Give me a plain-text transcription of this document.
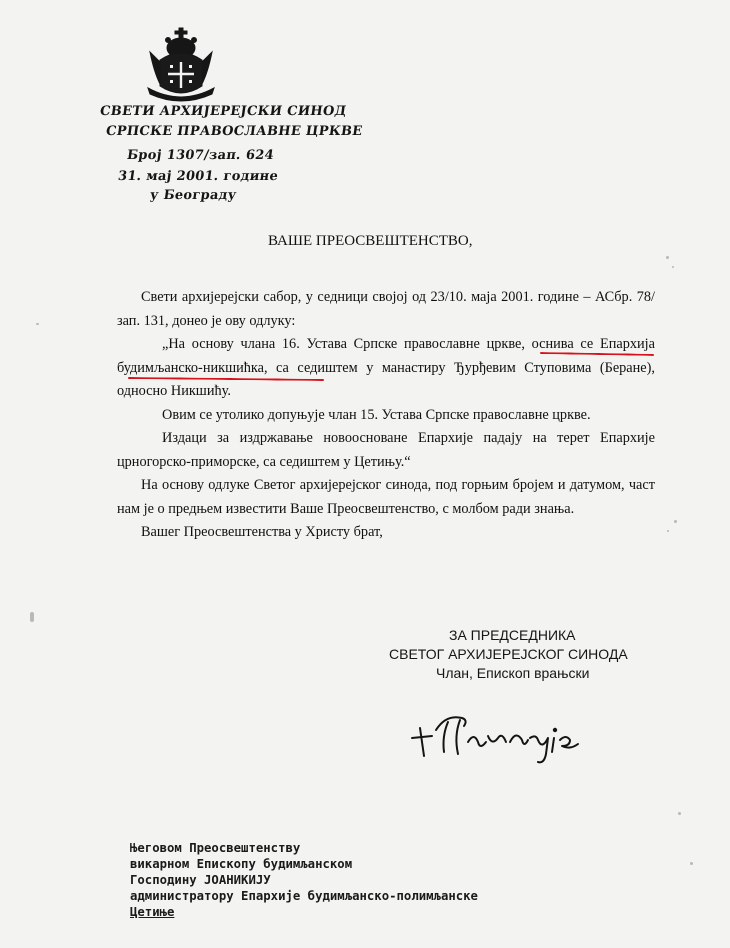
СВЕТИ АРХИЈЕРЕЈСКИ СИНОД
СРПСКЕ ПРАВОСЛАВНЕ ЦРКВЕ
Број 1307/зап. 624
31. мај 2001. године
у Београду
ВАШЕ ПРЕОСВЕШТЕНСТВО,

Свети архијерејски сабор, у седници својој од 23/10. маја 2001. године – АСбр. 78/зап. 131, донео је ову одлуку:

„На основу члана 16. Устава Српске православне цркве, оснива се Епархија будимљанско-никшићка, са седиштем у манастиру Ђурђевим Ступовима (Беране), односно Никшићу.

Овим се утолико допуњује члан 15. Устава Српске православне цркве.

Издаци за издржавање новоосноване Епархије падају на терет Епархије црногорско-приморске, са седиштем у Цетињу.“

На основу одлуке Светог архијерејског синода, под горњим бројем и датумом, част нам је о предњем известити Ваше Преосвештенство, с молбом ради знања.

Вашег Преосвештенства у Христу брат,

ЗА ПРЕДСЕДНИКА
СВЕТОГ АРХИЈЕРЕЈСКОГ СИНОДА
Члан, Епископ врањски
Његовом Преосвештенству
викарном Епископу будимљанском
Господину ЈОАНИКИЈУ
администратору Епархије будимљанско-полимљанске
Цетиње
